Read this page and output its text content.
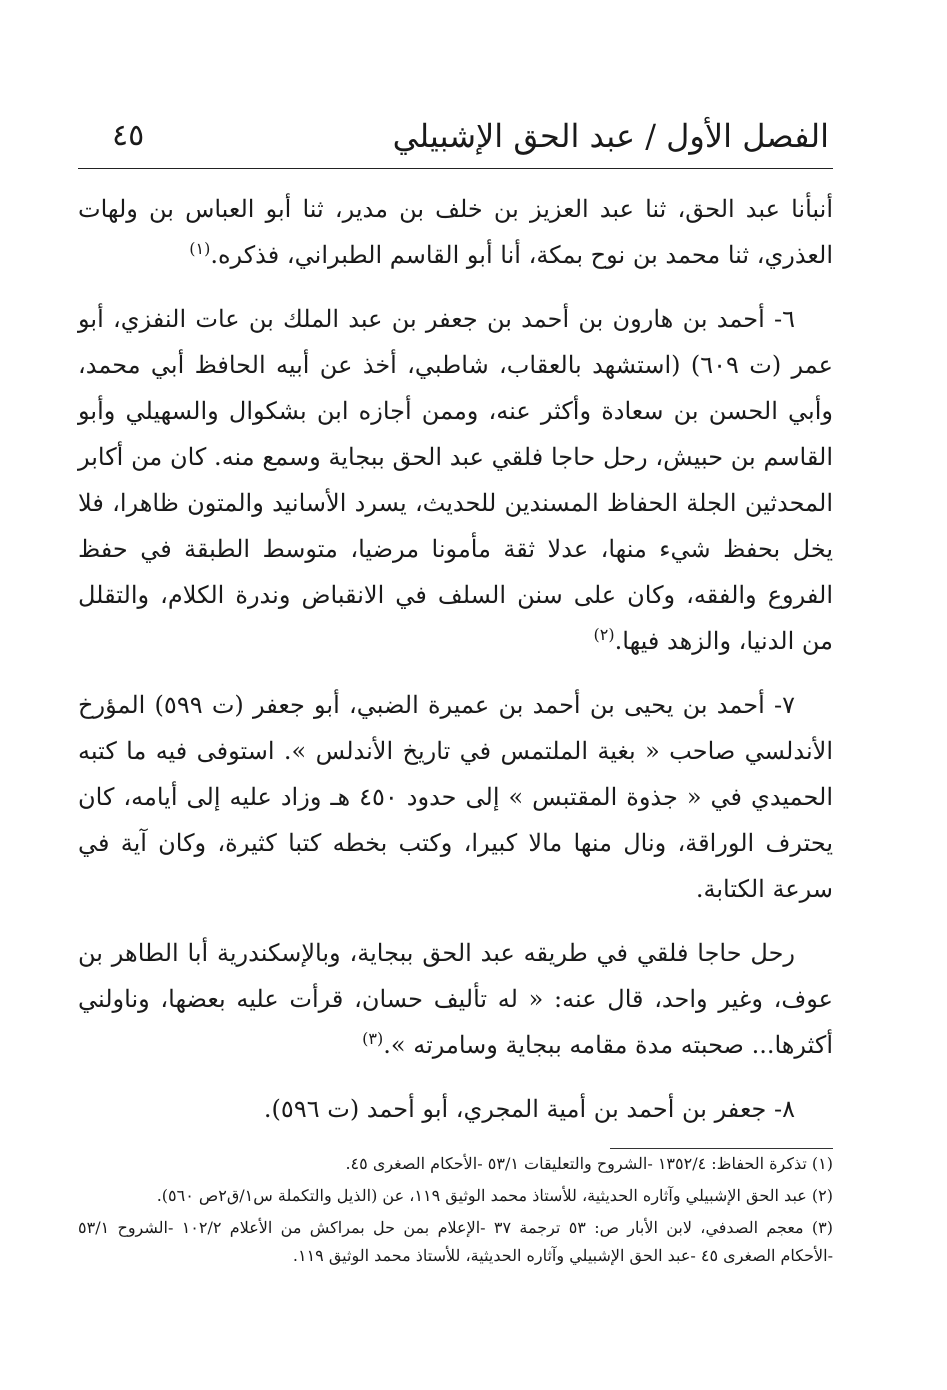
الفصل الأول / عبد الحق الإشبيلي
٤٥

أنبأنا عبد الحق، ثنا عبد العزيز بن خلف بن مدير، ثنا أبو العباس بن ولهات العذري، ثنا محمد بن نوح بمكة، أنا أبو القاسم الطبراني، فذكره.$^{(١)}$

٦- أحمد بن هارون بن أحمد بن جعفر بن عبد الملك بن عات النفزي، أبو عمر (ت ٦٠٩) (استشهد بالعقاب، شاطبي، أخذ عن أبيه الحافظ أبي محمد، وأبي الحسن بن سعادة وأكثر عنه، وممن أجازه ابن بشكوال والسهيلي وأبو القاسم بن حبيش، رحل حاجا فلقي عبد الحق ببجاية وسمع منه. كان من أكابر المحدثين الجلة الحفاظ المسندين للحديث، يسرد الأسانيد والمتون ظاهرا، فلا يخل بحفظ شيء منها، عدلا ثقة مأمونا مرضيا، متوسط الطبقة في حفظ الفروع والفقه، وكان على سنن السلف في الانقباض وندرة الكلام، والتقلل من الدنيا، والزهد فيها.$^{(٢)}$

٧- أحمد بن يحيى بن أحمد بن عميرة الضبي، أبو جعفر (ت ٥٩٩) المؤرخ الأندلسي صاحب « بغية الملتمس في تاريخ الأندلس ». استوفى فيه ما كتبه الحميدي في « جذوة المقتبس » إلى حدود ٤٥٠ هـ وزاد عليه إلى أيامه، كان يحترف الوراقة، ونال منها مالا كبيرا، وكتب بخطه كتبا كثيرة، وكان آية في سرعة الكتابة.

رحل حاجا فلقي في طريقه عبد الحق ببجاية، وبالإسكندرية أبا الطاهر بن عوف، وغير واحد، قال عنه: « له تأليف حسان، قرأت عليه بعضها، وناولني أكثرها... صحبته مدة مقامه ببجاية وسامرته ».$^{(٣)}$

٨- جعفر بن أحمد بن أمية المجري، أبو أحمد (ت ٥٩٦).

(١) تذكرة الحفاظ: ١٣٥٢/٤ -الشروح والتعليقات ٥٣/١ -الأحكام الصغرى ٤٥.

(٢) عبد الحق الإشبيلي وآثاره الحديثية، للأستاذ محمد الوثيق ١١٩، عن (الذيل والتكملة س١/ق٢ص ٥٦٠).

(٣) معجم الصدفي، لابن الأبار ص: ٥٣ ترجمة ٣٧ -الإعلام بمن حل بمراكش من الأعلام ١٠٢/٢ -الشروح ٥٣/١ -الأحكام الصغرى ٤٥ -عبد الحق الإشبيلي وآثاره الحديثية، للأستاذ محمد الوثيق ١١٩.
